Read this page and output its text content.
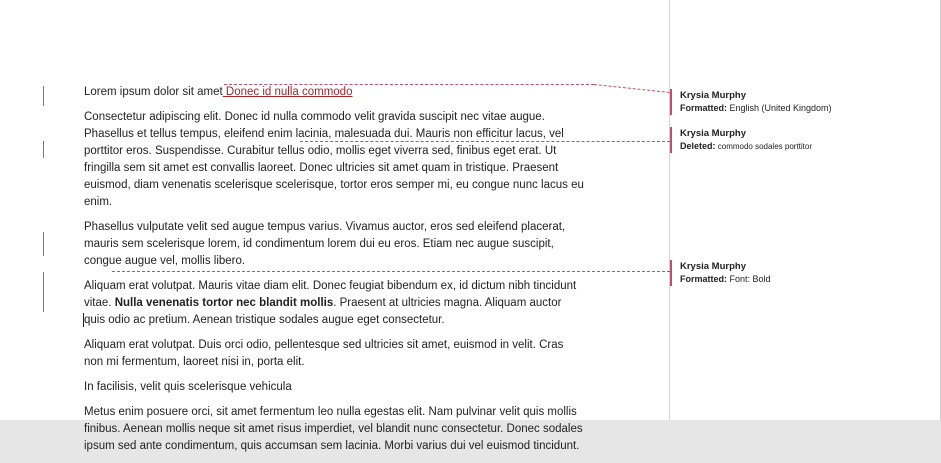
Lorem ipsum dolor sit amet Donec id nulla commodo

Consectetur adipiscing elit. Donec id nulla commodo velit gravida suscipit nec vitae augue. Phasellus et tellus tempus, eleifend enim lacinia, malesuada dui. Mauris non efficitur lacus, vel porttitor eros. Suspendisse. Curabitur tellus odio, mollis eget viverra sed, finibus eget erat. Ut fringilla sem sit amet est convallis laoreet. Donec ultricies sit amet quam in tristique. Praesent euismod, diam venenatis scelerisque scelerisque, tortor eros semper mi, eu congue nunc lacus eu enim.

Phasellus vulputate velit sed augue tempus varius. Vivamus auctor, eros sed eleifend placerat, mauris sem scelerisque lorem, id condimentum lorem dui eu eros. Etiam nec augue suscipit, congue augue vel, mollis libero.

Aliquam erat volutpat. Mauris vitae diam elit. Donec feugiat bibendum ex, id dictum nibh tincidunt vitae. Nulla venenatis tortor nec blandit mollis. Praesent at ultricies magna. Aliquam auctor quis odio ac pretium. Aenean tristique sodales augue eget consectetur.

Aliquam erat volutpat. Duis orci odio, pellentesque sed ultricies sit amet, euismod in velit. Cras non mi fermentum, laoreet nisi in, porta elit.

In facilisis, velit quis scelerisque vehicula

Metus enim posuere orci, sit amet fermentum leo nulla egestas elit. Nam pulvinar velit quis mollis finibus. Aenean mollis neque sit amet risus imperdiet, vel blandit nunc consectetur. Donec sodales ipsum sed ante condimentum, quis accumsan sem lacinia. Morbi varius dui vel euismod tincidunt.

Krysia Murphy
Formatted: English (United Kingdom)
Krysia Murphy
Deleted: commodo sodales porttitor
Krysia Murphy
Formatted: Font: Bold
